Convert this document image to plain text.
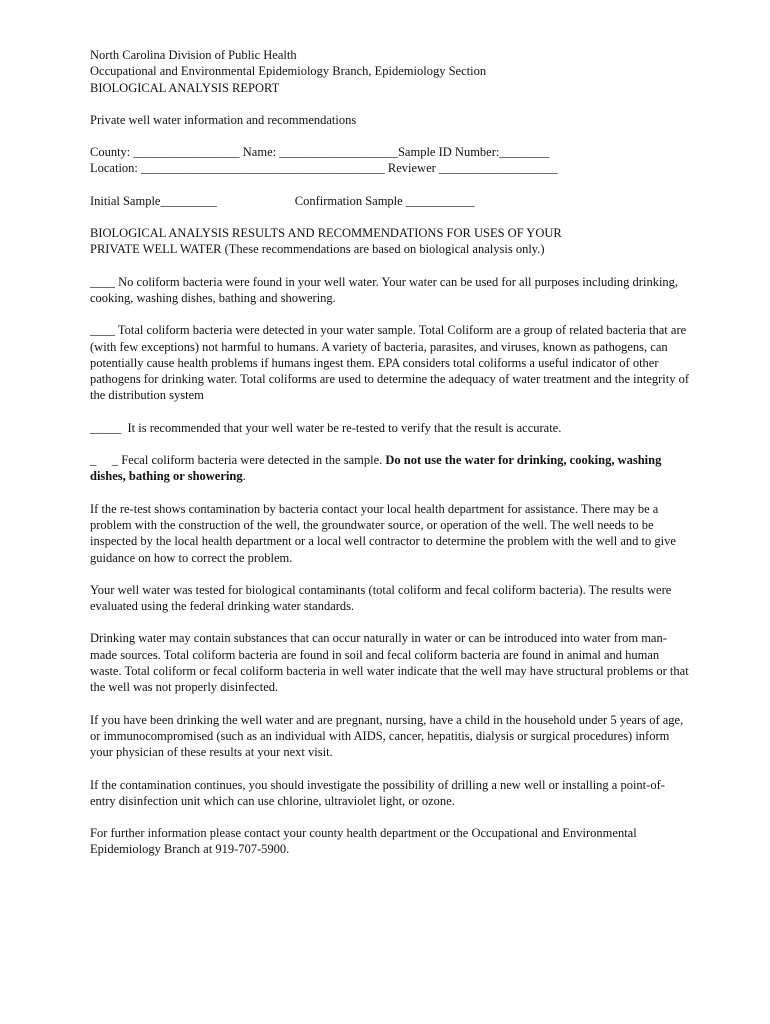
North Carolina Division of Public Health
Occupational and Environmental Epidemiology Branch, Epidemiology Section
BIOLOGICAL ANALYSIS REPORT
Private well water information and recommendations
County: _________________ Name: ___________________Sample ID Number:________
Location: _______________________________________ Reviewer ___________________
Initial Sample_________	Confirmation Sample ___________
BIOLOGICAL ANALYSIS RESULTS AND RECOMMENDATIONS FOR USES OF YOUR
PRIVATE WELL WATER (These recommendations are based on biological analysis only.)

____ No coliform bacteria were found in your well water. Your water can be used for all purposes including drinking, cooking, washing dishes, bathing and showering.

____ Total coliform bacteria were detected in your water sample. Total Coliform are a group of related bacteria that are (with few exceptions) not harmful to humans. A variety of bacteria, parasites, and viruses, known as pathogens, can potentially cause health problems if humans ingest them. EPA considers total coliforms a useful indicator of other pathogens for drinking water. Total coliforms are used to determine the adequacy of water treatment and the integrity of the distribution system

_____  It is recommended that your well water be re-tested to verify that the result is accurate.

_     _ Fecal coliform bacteria were detected in the sample. Do not use the water for drinking, cooking, washing dishes, bathing or showering.

If the re-test shows contamination by bacteria contact your local health department for assistance. There may be a problem with the construction of the well, the groundwater source, or operation of the well. The well needs to be inspected by the local health department or a local well contractor to determine the problem with the well and to give guidance on how to correct the problem.

Your well water was tested for biological contaminants (total coliform and fecal coliform bacteria). The results were evaluated using the federal drinking water standards.

Drinking water may contain substances that can occur naturally in water or can be introduced into water from man-made sources. Total coliform bacteria are found in soil and fecal coliform bacteria are found in animal and human waste. Total coliform or fecal coliform bacteria in well water indicate that the well may have structural problems or that the well was not properly disinfected.

If you have been drinking the well water and are pregnant, nursing, have a child in the household under 5 years of age, or immunocompromised (such as an individual with AIDS, cancer, hepatitis, dialysis or surgical procedures) inform your physician of these results at your next visit.

If the contamination continues, you should investigate the possibility of drilling a new well or installing a point-of-entry disinfection unit which can use chlorine, ultraviolet light, or ozone.

For further information please contact your county health department or the Occupational and Environmental Epidemiology Branch at 919-707-5900.
